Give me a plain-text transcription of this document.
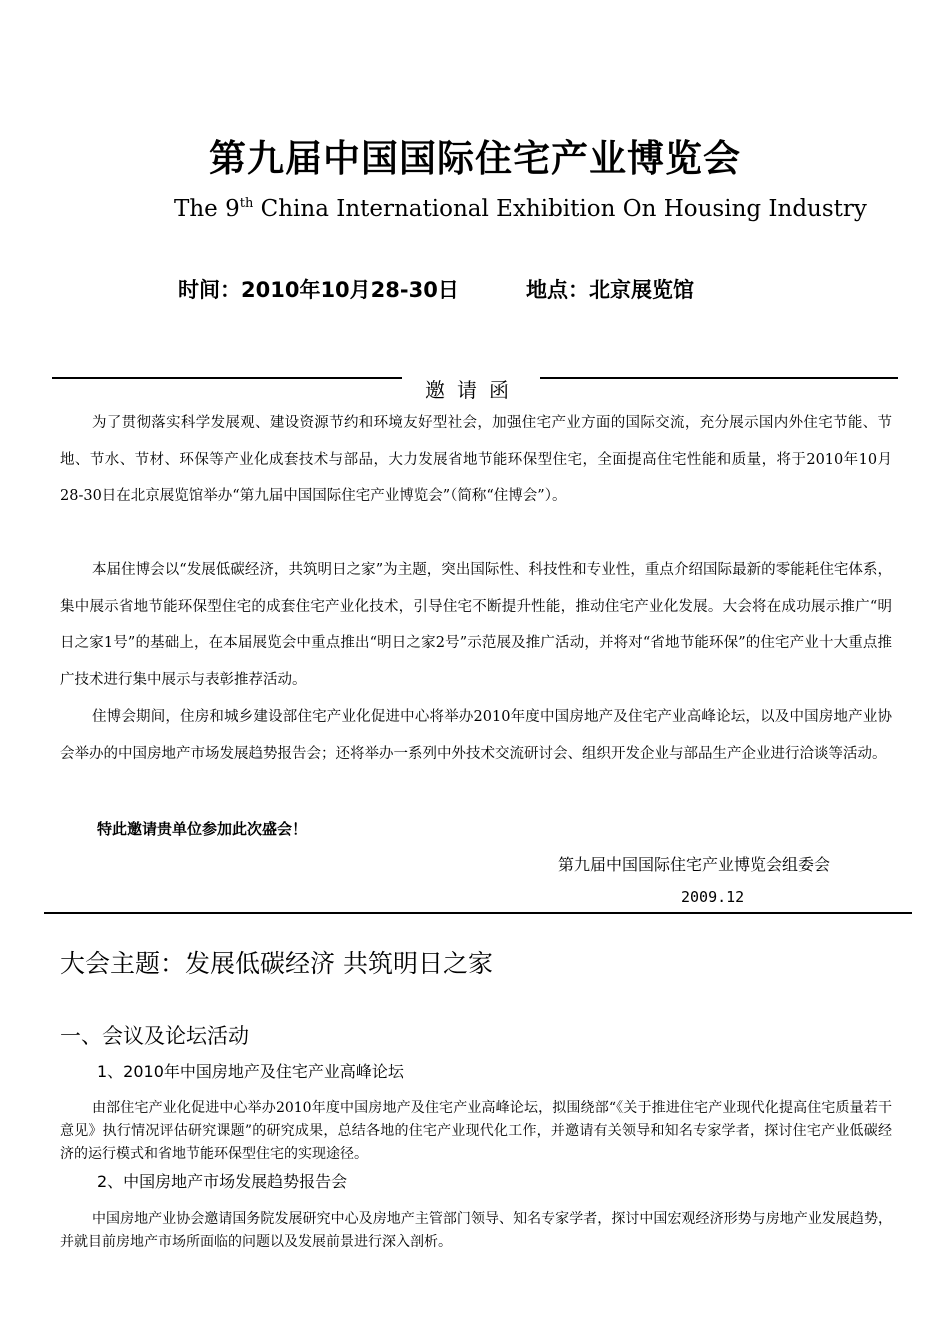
第九届中国国际住宅产业博览会
The 9th China International Exhibition On Housing Industry
时间：2010年10月28-30日	地点：北京展览馆
邀请函

为了贯彻落实科学发展观、建设资源节约和环境友好型社会，加强住宅产业方面的国际交流，充分展示国内外住宅节能、节地、节水、节材、环保等产业化成套技术与部品，大力发展省地节能环保型住宅，全面提高住宅性能和质量，将于2010年10月28-30日在北京展览馆举办“第九届中国国际住宅产业博览会”（简称“住博会”）。

本届住博会以“发展低碳经济，共筑明日之家”为主题，突出国际性、科技性和专业性，重点介绍国际最新的零能耗住宅体系，集中展示省地节能环保型住宅的成套住宅产业化技术，引导住宅不断提升性能，推动住宅产业化发展。大会将在成功展示推广“明日之家1号”的基础上，在本届展览会中重点推出“明日之家2号”示范展及推广活动，并将对“省地节能环保”的住宅产业十大重点推广技术进行集中展示与表彰推荐活动。

住博会期间，住房和城乡建设部住宅产业化促进中心将举办2010年度中国房地产及住宅产业高峰论坛，以及中国房地产业协会举办的中国房地产市场发展趋势报告会；还将举办一系列中外技术交流研讨会、组织开发企业与部品生产企业进行洽谈等活动。

特此邀请贵单位参加此次盛会！
第九届中国国际住宅产业博览会组委会
2009.12
大会主题：发展低碳经济 共筑明日之家
一、会议及论坛活动
1、2010年中国房地产及住宅产业高峰论坛

由部住宅产业化促进中心举办2010年度中国房地产及住宅产业高峰论坛，拟围绕部“《关于推进住宅产业现代化提高住宅质量若干意见》执行情况评估研究课题”的研究成果，总结各地的住宅产业现代化工作，并邀请有关领导和知名专家学者，探讨住宅产业低碳经济的运行模式和省地节能环保型住宅的实现途径。

2、中国房地产市场发展趋势报告会

中国房地产业协会邀请国务院发展研究中心及房地产主管部门领导、知名专家学者，探讨中国宏观经济形势与房地产业发展趋势，并就目前房地产市场所面临的问题以及发展前景进行深入剖析。
